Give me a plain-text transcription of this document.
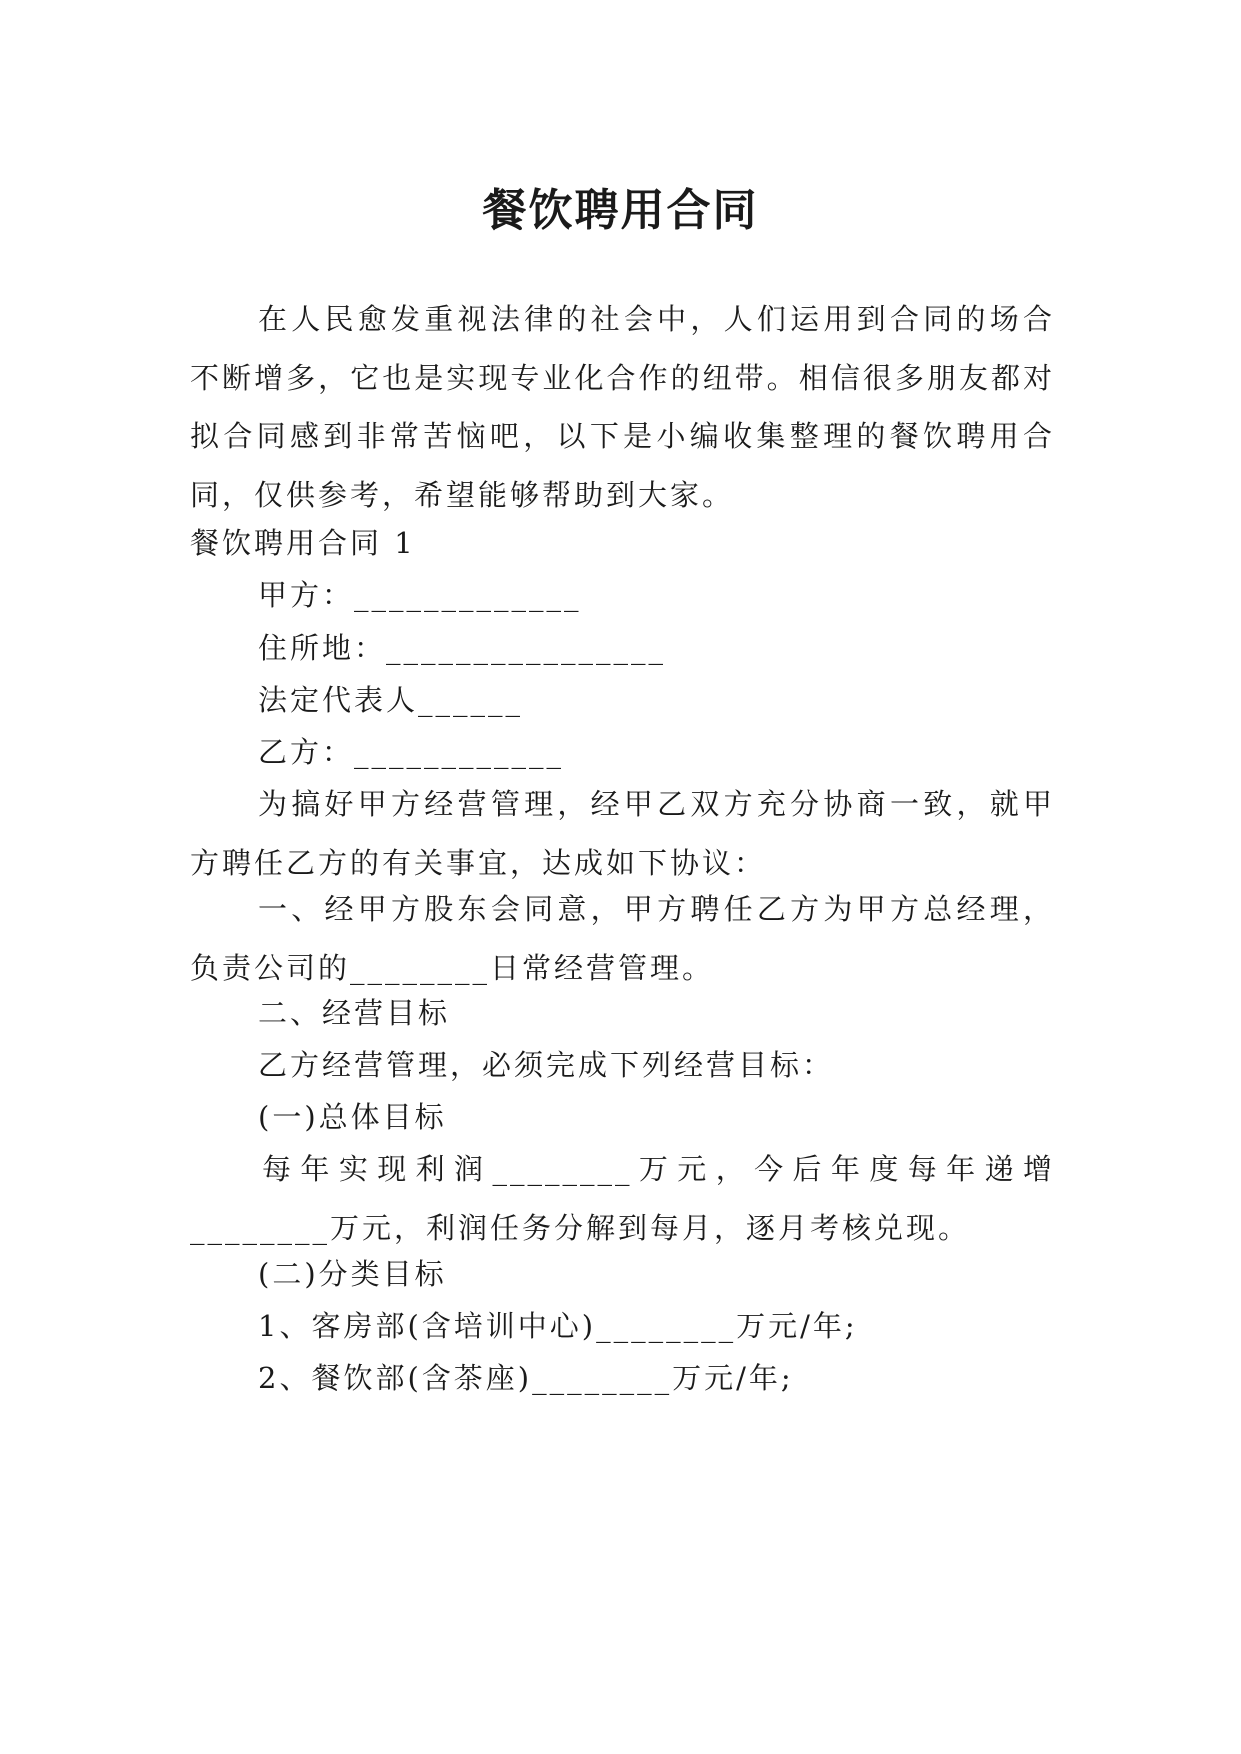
餐饮聘用合同

在人民愈发重视法律的社会中，人们运用到合同的场合不断增多，它也是实现专业化合作的纽带。相信很多朋友都对拟合同感到非常苦恼吧，以下是小编收集整理的餐饮聘用合同，仅供参考，希望能够帮助到大家。

餐饮聘用合同 1

甲方：_____________

住所地：________________

法定代表人______

乙方：____________

为搞好甲方经营管理，经甲乙双方充分协商一致，就甲方聘任乙方的有关事宜，达成如下协议：

一、经甲方股东会同意，甲方聘任乙方为甲方总经理，负责公司的________日常经营管理。

二、经营目标

乙方经营管理，必须完成下列经营目标：

(一)总体目标

每年实现利润________万元，今后年度每年递增________万元，利润任务分解到每月，逐月考核兑现。

(二)分类目标

1、客房部(含培训中心)________万元/年;

2、餐饮部(含茶座)________万元/年;
